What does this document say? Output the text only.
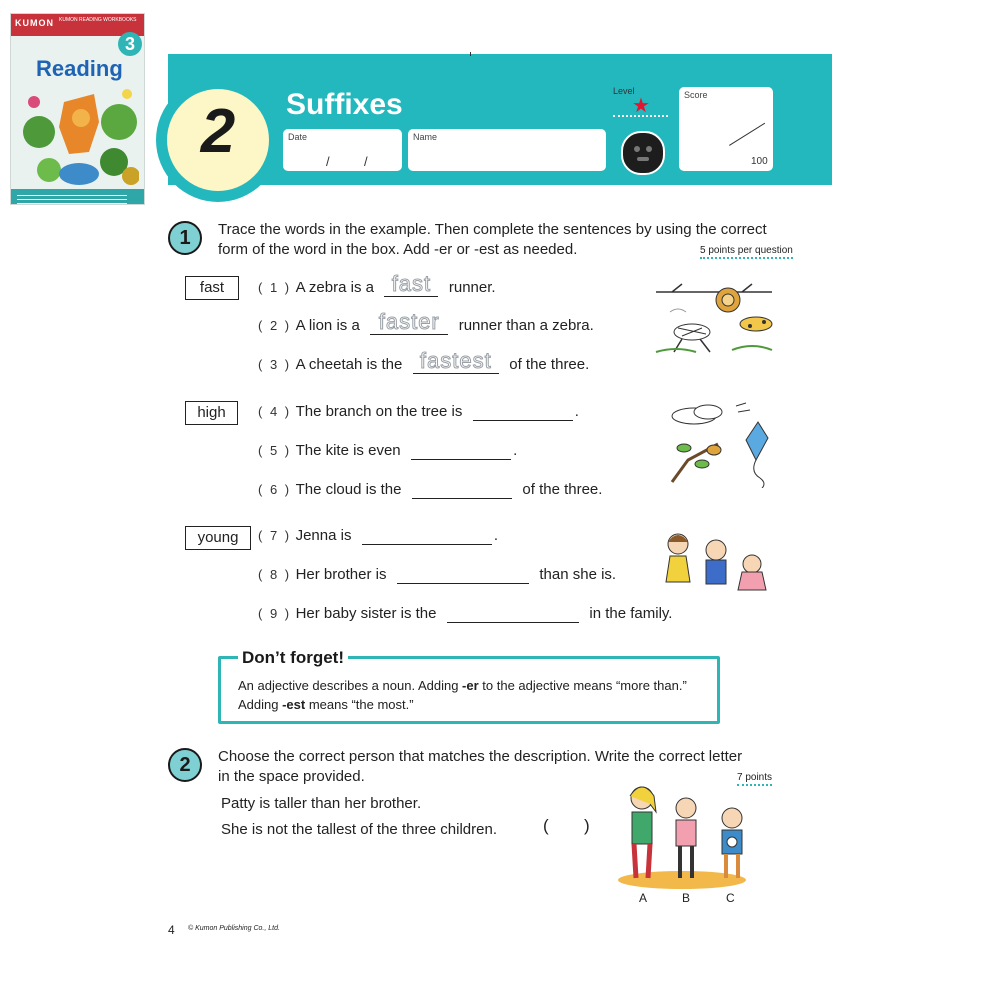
KUMON KUMON READING WORKBOOKS
3
Reading
2	Suffixes
Date
/	/
Name
Level
★	Score
100
1	Trace the words in the example. Then complete the sentences by using the correct
form of the word in the box. Add -er or -est as needed.	5 points per question
fast	( 1 ) A zebra is a fast	runner.
( 2 ) A lion is a faster	runner than a zebra.
( 3 ) A cheetah is the fastest	of the three.
high	( 4 ) The branch on the tree is	.
( 5 ) The kite is even	.
( 6 ) The cloud is the	of the three.
young	( 7 ) Jenna is	.
( 8 ) Her brother is	than she is.
( 9 ) Her baby sister is the	in the family.
Don’t forget!
An adjective describes a noun. Adding -er to the adjective means “more than.”
Adding -est means “the most.”
2	Choose the correct person that matches the description. Write the correct letter
in the space provided.	7 points
Patty is taller than her brother.
She is not the tallest of the three children.	( )
A	B	C
4 © Kumon Publishing Co., Ltd.
